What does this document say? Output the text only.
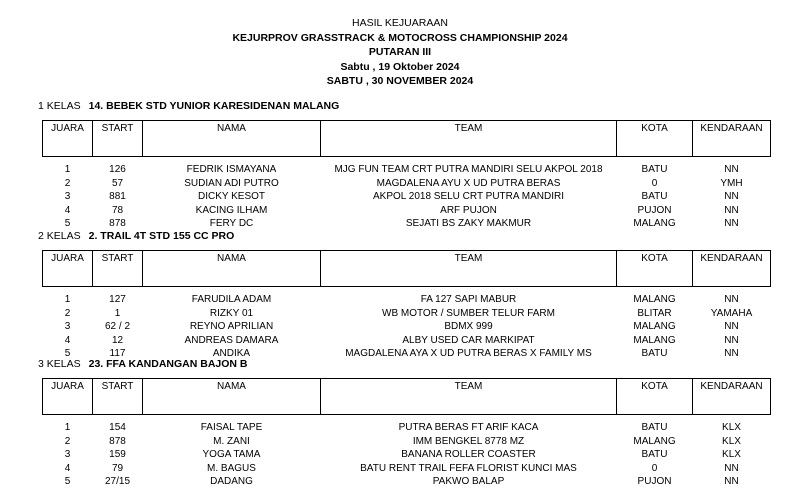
HASIL KEJUARAAN
KEJURPROV GRASSTRACK & MOTOCROSS CHAMPIONSHIP 2024
PUTARAN III
Sabtu , 19 Oktober 2024
SABTU , 30 NOVEMBER 2024
1 KELAS 14. BEBEK STD YUNIOR KARESIDENAN MALANG
JUARA	START	NAMA	TEAM	KOTA	KENDARAAN

1	126	FEDRIK ISMAYANA	MJG FUN TEAM CRT PUTRA MANDIRI SELU AKPOL 2018	BATU	NN
2	57	SUDIAN ADI PUTRO	MAGDALENA AYU X UD PUTRA BERAS	0	YMH
3	881	DICKY KESOT	AKPOL 2018 SELU CRT PUTRA MANDIRI	BATU	NN
4	78	KACING ILHAM	ARF PUJON	PUJON	NN
5	878	FERY DC	SEJATI BS ZAKY MAKMUR	MALANG	NN
2 KELAS 2. TRAIL 4T STD 155 CC PRO
JUARA	START	NAMA	TEAM	KOTA	KENDARAAN

1	127	FARUDILA ADAM	FA 127 SAPI MABUR	MALANG	NN
2	1	RIZKY 01	WB MOTOR / SUMBER TELUR FARM	BLITAR	YAMAHA
3	62 / 2	REYNO APRILIAN	BDMX 999	MALANG	NN
4	12	ANDREAS DAMARA	ALBY USED CAR MARKIPAT	MALANG	NN
5	117	ANDIKA	MAGDALENA AYA X UD PUTRA BERAS X FAMILY MS	BATU	NN
3 KELAS 23. FFA KANDANGAN BAJON B
JUARA	START	NAMA	TEAM	KOTA	KENDARAAN

1	154	FAISAL TAPE	PUTRA BERAS FT ARIF KACA	BATU	KLX
2	878	M. ZANI	IMM BENGKEL 8778 MZ	MALANG	KLX
3	159	YOGA TAMA	BANANA ROLLER COASTER	BATU	KLX
4	79	M. BAGUS	BATU RENT TRAIL FEFA FLORIST KUNCI MAS	0	NN
5	27/15	DADANG	PAKWO BALAP	PUJON	NN
